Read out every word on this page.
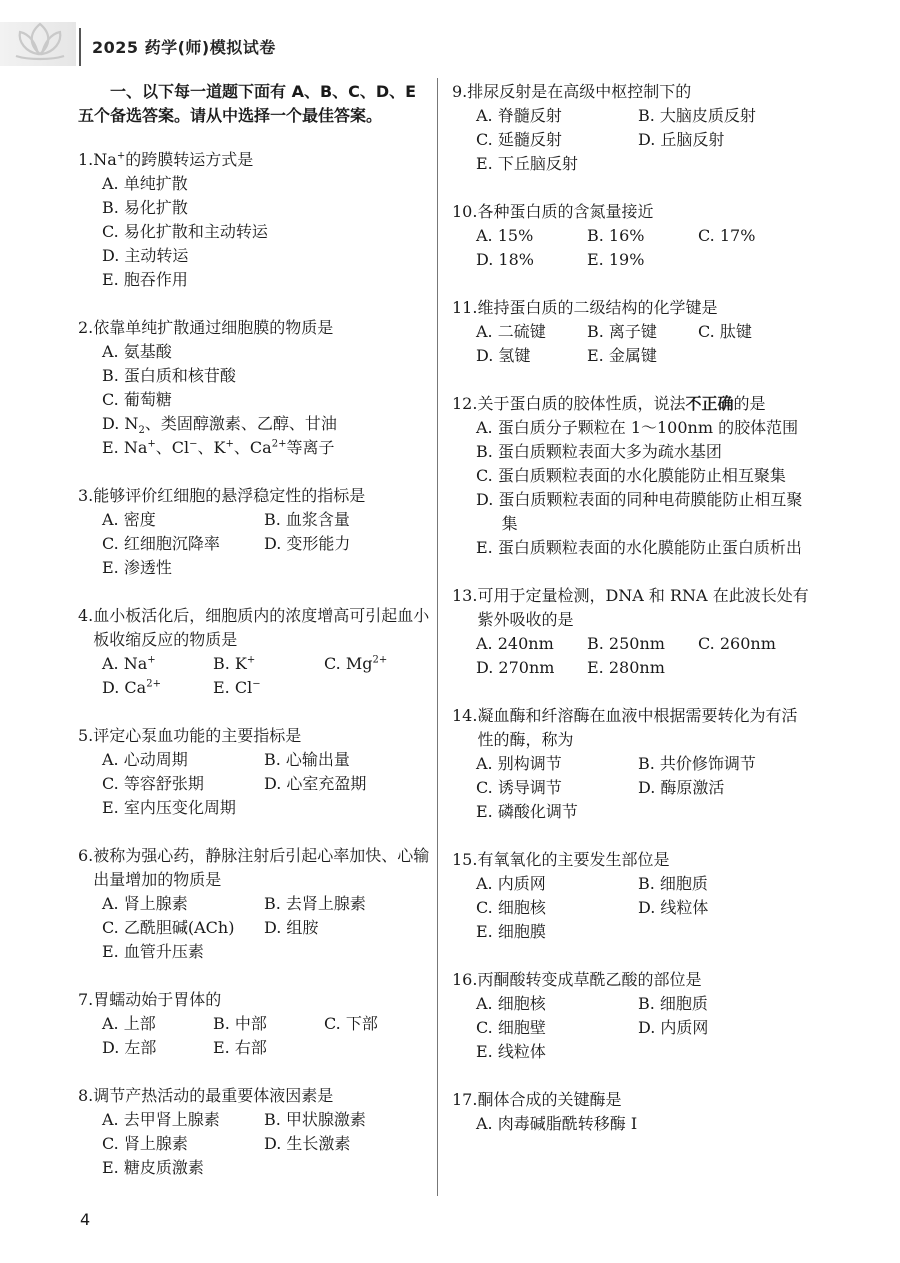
2025 药学(师)模拟试卷
一、以下每一道题下面有 A、B、C、D、E 五个备选答案。请从中选择一个最佳答案。
1. Na+的跨膜转运方式是
A. 单纯扩散
B. 易化扩散
C. 易化扩散和主动转运
D. 主动转运
E. 胞吞作用
2. 依靠单纯扩散通过细胞膜的物质是
A. 氨基酸
B. 蛋白质和核苷酸
C. 葡萄糖
D. $N_2$、类固醇激素、乙醇、甘油
E. Na+、Cl−、K+、$Ca^{2+}$等离子
3. 能够评价红细胞的悬浮稳定性的指标是
A. 密度	B. 血浆含量
C. 红细胞沉降率	D. 变形能力
E. 渗透性
4. 血小板活化后，细胞质内的浓度增高可引起血小板收缩反应的物质是
A. Na+	B. K+	C. $Mg^{2+}$
D. $Ca^{2+}$	E. Cl−
5. 评定心泵血功能的主要指标是
A. 心动周期	B. 心输出量
C. 等容舒张期	D. 心室充盈期
E. 室内压变化周期
6. 被称为强心药，静脉注射后引起心率加快、心输出量增加的物质是
A. 肾上腺素	B. 去肾上腺素
C. 乙酰胆碱(ACh)	D. 组胺
E. 血管升压素
7. 胃蠕动始于胃体的
A. 上部	B. 中部	C. 下部
D. 左部	E. 右部
8. 调节产热活动的最重要体液因素是
A. 去甲肾上腺素	B. 甲状腺激素
C. 肾上腺素	D. 生长激素
E. 糖皮质激素
9. 排尿反射是在高级中枢控制下的
A. 脊髓反射	B. 大脑皮质反射
C. 延髓反射	D. 丘脑反射
E. 下丘脑反射
10. 各种蛋白质的含氮量接近
A. 15%	B. 16%	C. 17%
D. 18%	E. 19%
11. 维持蛋白质的二级结构的化学键是
A. 二硫键	B. 离子键	C. 肽键
D. 氢键	E. 金属键
12. 关于蛋白质的胶体性质，说法不正确的是
A. 蛋白质分子颗粒在 1～100nm 的胶体范围
B. 蛋白质颗粒表面大多为疏水基团
C. 蛋白质颗粒表面的水化膜能防止相互聚集
D. 蛋白质颗粒表面的同种电荷膜能防止相互聚集
E. 蛋白质颗粒表面的水化膜能防止蛋白质析出
13. 可用于定量检测，DNA 和 RNA 在此波长处有紫外吸收的是
A. 240nm	B. 250nm	C. 260nm
D. 270nm	E. 280nm
14. 凝血酶和纤溶酶在血液中根据需要转化为有活性的酶，称为
A. 别构调节	B. 共价修饰调节
C. 诱导调节	D. 酶原激活
E. 磷酸化调节
15. 有氧氧化的主要发生部位是
A. 内质网	B. 细胞质
C. 细胞核	D. 线粒体
E. 细胞膜
16. 丙酮酸转变成草酰乙酸的部位是
A. 细胞核	B. 细胞质
C. 细胞壁	D. 内质网
E. 线粒体
17. 酮体合成的关键酶是
A. 肉毒碱脂酰转移酶 I
4
